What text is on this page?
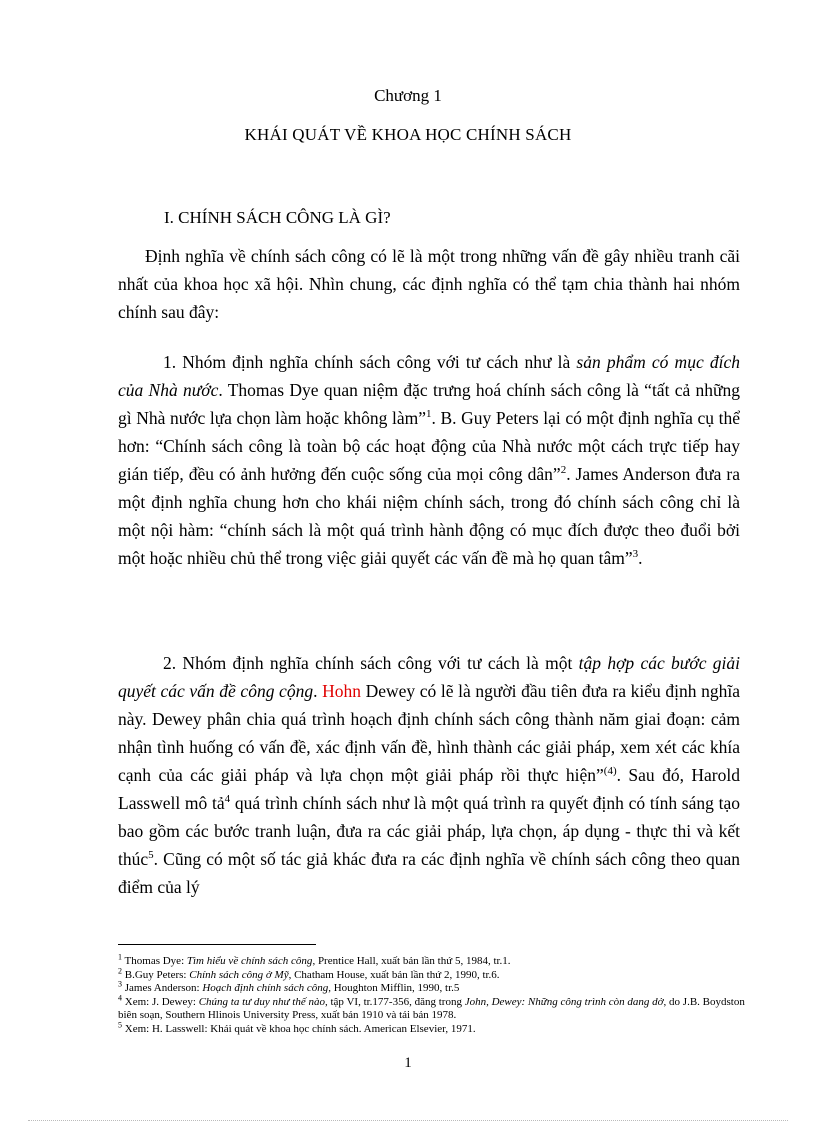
Chương 1
KHÁI QUÁT VỀ KHOA HỌC CHÍNH SÁCH
I. CHÍNH SÁCH CÔNG LÀ GÌ?
Định nghĩa về chính sách công có lẽ là một trong những vấn đề gây nhiều tranh cãi nhất của khoa học xã hội. Nhìn chung, các định nghĩa có thể tạm chia thành hai nhóm chính sau đây:
1. Nhóm định nghĩa chính sách công với tư cách như là sản phẩm có mục đích của Nhà nước. Thomas Dye quan niệm đặc trưng hoá chính sách công là “tất cả những gì Nhà nước lựa chọn làm hoặc không làm”$^1$. B. Guy Peters lại có một định nghĩa cụ thể hơn: “Chính sách công là toàn bộ các hoạt động của Nhà nước một cách trực tiếp hay gián tiếp, đều có ảnh hưởng đến cuộc sống của mọi công dân”$^2$. James Anderson đưa ra một định nghĩa chung hơn cho khái niệm chính sách, trong đó chính sách công chỉ là một nội hàm: “chính sách là một quá trình hành động có mục đích được theo đuổi bởi một hoặc nhiều chủ thể trong việc giải quyết các vấn đề mà họ quan tâm”$^3$.
2. Nhóm định nghĩa chính sách công với tư cách là một tập hợp các bước giải quyết các vấn đề công cộng. Hohn Dewey có lẽ là người đầu tiên đưa ra kiểu định nghĩa này. Dewey phân chia quá trình hoạch định chính sách công thành năm giai đoạn: cảm nhận tình huống có vấn đề, xác định vấn đề, hình thành các giải pháp, xem xét các khía cạnh của các giải pháp và lựa chọn một giải pháp rồi thực hiện”$^{(4)}$. Sau đó, Harold Lasswell mô tả$^4$ quá trình chính sách như là một quá trình ra quyết định có tính sáng tạo bao gồm các bước tranh luận, đưa ra các giải pháp, lựa chọn, áp dụng - thực thi và kết thúc$^5$. Cũng có một số tác giả khác đưa ra các định nghĩa về chính sách công theo quan điểm của lý
$^1$ Thomas Dye: Tìm hiểu về chính sách công, Prentice Hall, xuất bản lần thứ 5, 1984, tr.1.
$^2$ B.Guy Peters: Chính sách công ở Mỹ, Chatham House, xuất bản lần thứ 2, 1990, tr.6.
$^3$ James Anderson: Hoạch định chính sách công, Houghton Mifflin, 1990, tr.5
$^4$ Xem: J. Dewey: Chúng ta tư duy như thế nào, tập VI, tr.177-356, đăng trong John, Dewey: Những công trình còn dang dở, do J.B. Boydston biên soạn, Southern Hlinois University Press, xuất bản 1910 và tái bản 1978.
$^5$ Xem: H. Lasswell: Khái quát về khoa học chính sách. American Elsevier, 1971.
1
